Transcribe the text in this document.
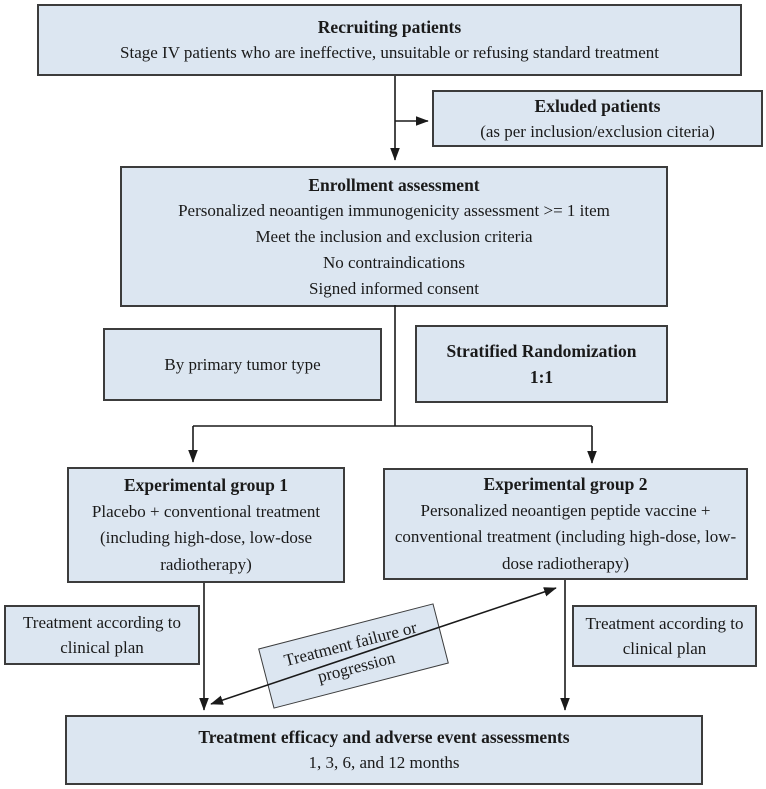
Recruiting patients
Stage IV patients who are ineffective, unsuitable or refusing standard treatment
Exluded patients
(as per inclusion/exclusion citeria)
Enrollment assessment
Personalized neoantigen immunogenicity assessment >= 1 item
Meet the inclusion and exclusion criteria
No contraindications
Signed informed consent
By primary tumor type
Stratified Randomization
1:1
Experimental group 1
Placebo + conventional treatment (including high-dose, low-dose radiotherapy)
Experimental group 2
Personalized neoantigen peptide vaccine + conventional treatment (including high-dose, low-dose radiotherapy)
Treatment according to clinical plan
Treatment according to clinical plan
Treatment failure or progression
Treatment efficacy and adverse event assessments
1, 3, 6, and 12 months
